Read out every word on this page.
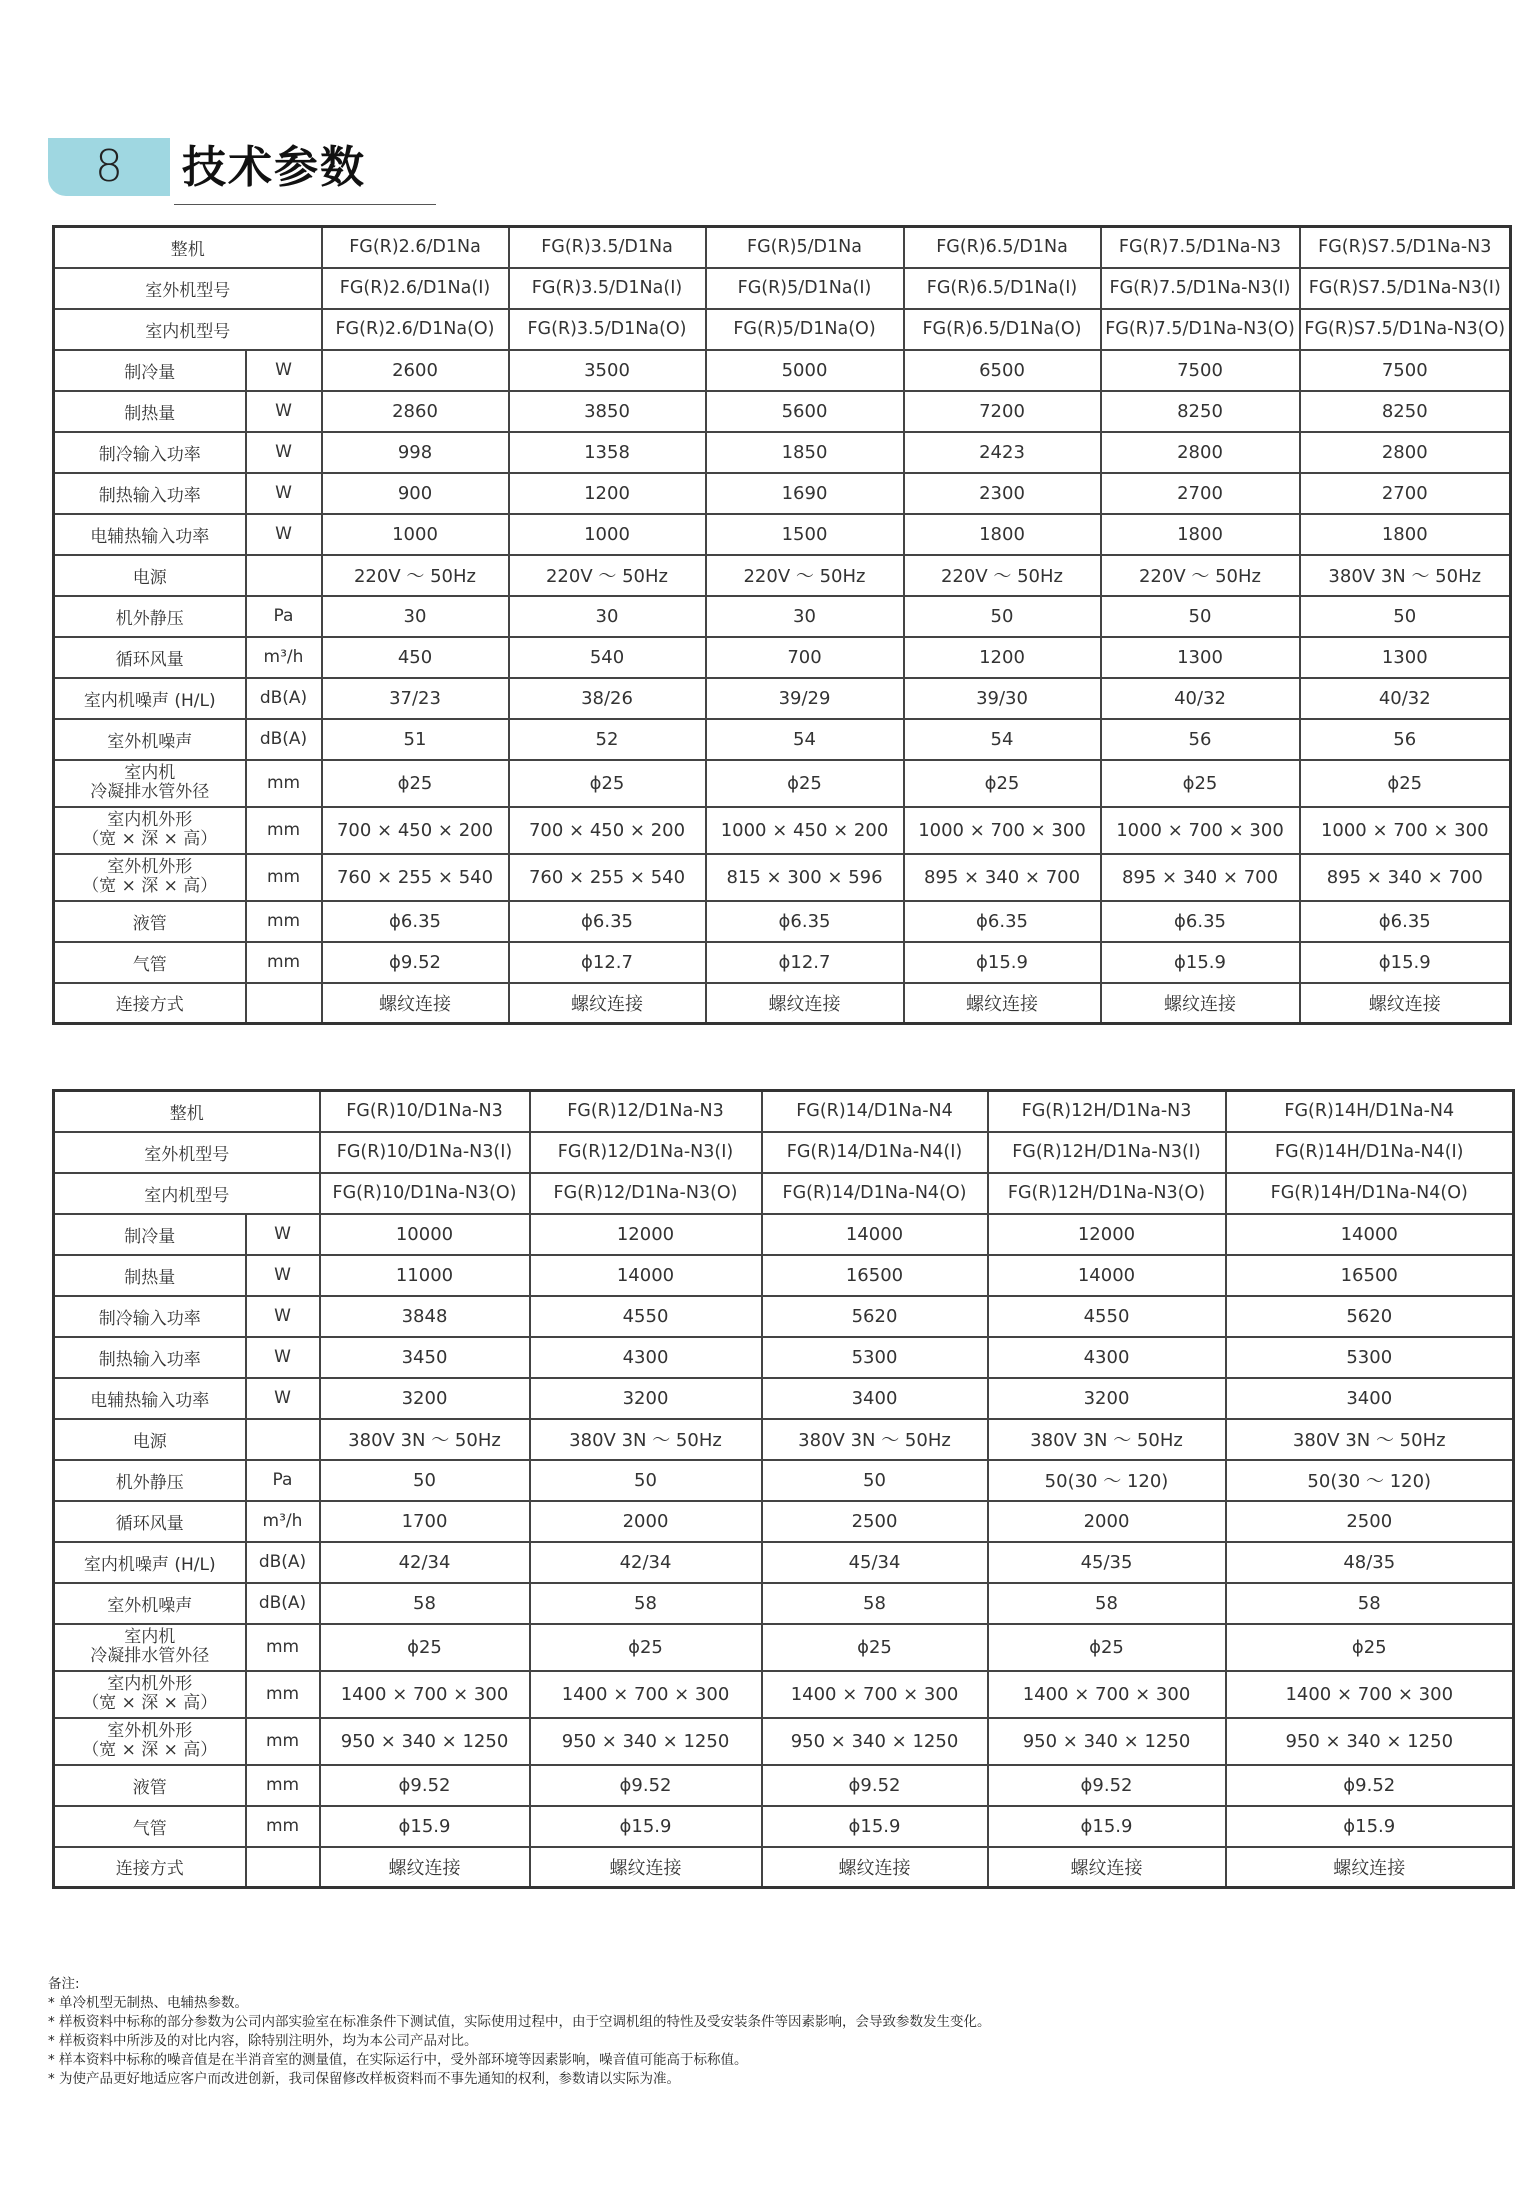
8	技术参数
整机		FG(R)2.6/D1Na	FG(R)3.5/D1Na	FG(R)5/D1Na	FG(R)6.5/D1Na	FG(R)7.5/D1Na-N3	FG(R)S7.5/D1Na-N3
室外机型号		FG(R)2.6/D1Na(I)	FG(R)3.5/D1Na(I)	FG(R)5/D1Na(I)	FG(R)6.5/D1Na(I)	FG(R)7.5/D1Na-N3(I)	FG(R)S7.5/D1Na-N3(I)
室内机型号		FG(R)2.6/D1Na(O)	FG(R)3.5/D1Na(O)	FG(R)5/D1Na(O)	FG(R)6.5/D1Na(O)	FG(R)7.5/D1Na-N3(O)	FG(R)S7.5/D1Na-N3(O)
制冷量	W	2600	3500	5000	6500	7500	7500
制热量	W	2860	3850	5600	7200	8250	8250
制冷输入功率	W	998	1358	1850	2423	2800	2800
制热输入功率	W	900	1200	1690	2300	2700	2700
电辅热输入功率	W	1000	1000	1500	1800	1800	1800
电源		220V ～ 50Hz	220V ～ 50Hz	220V ～ 50Hz	220V ～ 50Hz	220V ～ 50Hz	380V 3N ～ 50Hz
机外静压	Pa	30	30	30	50	50	50
循环风量	m³/h	450	540	700	1200	1300	1300
室内机噪声 (H/L)	dB(A)	37/23	38/26	39/29	39/30	40/32	40/32
室外机噪声	dB(A)	51	52	54	54	56	56

室内机
冷凝排水管外径	mm	ϕ25	ϕ25	ϕ25	ϕ25	ϕ25	ϕ25

室内机外形
（宽 × 深 × 高）	mm	700 × 450 × 200	700 × 450 × 200	1000 × 450 × 200	1000 × 700 × 300	1000 × 700 × 300	1000 × 700 × 300

室外机外形
（宽 × 深 × 高）	mm	760 × 255 × 540	760 × 255 × 540	815 × 300 × 596	895 × 340 × 700	895 × 340 × 700	895 × 340 × 700
液管	mm	ϕ6.35	ϕ6.35	ϕ6.35	ϕ6.35	ϕ6.35	ϕ6.35
气管	mm	ϕ9.52	ϕ12.7	ϕ12.7	ϕ15.9	ϕ15.9	ϕ15.9
连接方式		螺纹连接	螺纹连接	螺纹连接	螺纹连接	螺纹连接	螺纹连接
整机		FG(R)10/D1Na-N3	FG(R)12/D1Na-N3	FG(R)14/D1Na-N4	FG(R)12H/D1Na-N3	FG(R)14H/D1Na-N4
室外机型号		FG(R)10/D1Na-N3(I)	FG(R)12/D1Na-N3(I)	FG(R)14/D1Na-N4(I)	FG(R)12H/D1Na-N3(I)	FG(R)14H/D1Na-N4(I)
室内机型号		FG(R)10/D1Na-N3(O)	FG(R)12/D1Na-N3(O)	FG(R)14/D1Na-N4(O)	FG(R)12H/D1Na-N3(O)	FG(R)14H/D1Na-N4(O)
制冷量	W	10000	12000	14000	12000	14000
制热量	W	11000	14000	16500	14000	16500
制冷输入功率	W	3848	4550	5620	4550	5620
制热输入功率	W	3450	4300	5300	4300	5300
电辅热输入功率	W	3200	3200	3400	3200	3400
电源		380V 3N ～ 50Hz	380V 3N ～ 50Hz	380V 3N ～ 50Hz	380V 3N ～ 50Hz	380V 3N ～ 50Hz
机外静压	Pa	50	50	50	50(30 ～ 120)	50(30 ～ 120)
循环风量	m³/h	1700	2000	2500	2000	2500
室内机噪声 (H/L)	dB(A)	42/34	42/34	45/34	45/35	48/35
室外机噪声	dB(A)	58	58	58	58	58

室内机
冷凝排水管外径	mm	ϕ25	ϕ25	ϕ25	ϕ25	ϕ25

室内机外形
（宽 × 深 × 高）	mm	1400 × 700 × 300	1400 × 700 × 300	1400 × 700 × 300	1400 × 700 × 300	1400 × 700 × 300

室外机外形
（宽 × 深 × 高）	mm	950 × 340 × 1250	950 × 340 × 1250	950 × 340 × 1250	950 × 340 × 1250	950 × 340 × 1250
液管	mm	ϕ9.52	ϕ9.52	ϕ9.52	ϕ9.52	ϕ9.52
气管	mm	ϕ15.9	ϕ15.9	ϕ15.9	ϕ15.9	ϕ15.9
连接方式		螺纹连接	螺纹连接	螺纹连接	螺纹连接	螺纹连接
备注:
* 单冷机型无制热、电辅热参数。
* 样板资料中标称的部分参数为公司内部实验室在标准条件下测试值，实际使用过程中，由于空调机组的特性及受安装条件等因素影响，会导致参数发生变化。
* 样板资料中所涉及的对比内容，除特别注明外，均为本公司产品对比。
* 样本资料中标称的噪音值是在半消音室的测量值，在实际运行中，受外部环境等因素影响，噪音值可能高于标称值。
* 为使产品更好地适应客户而改进创新，我司保留修改样板资料而不事先通知的权利，参数请以实际为准。
